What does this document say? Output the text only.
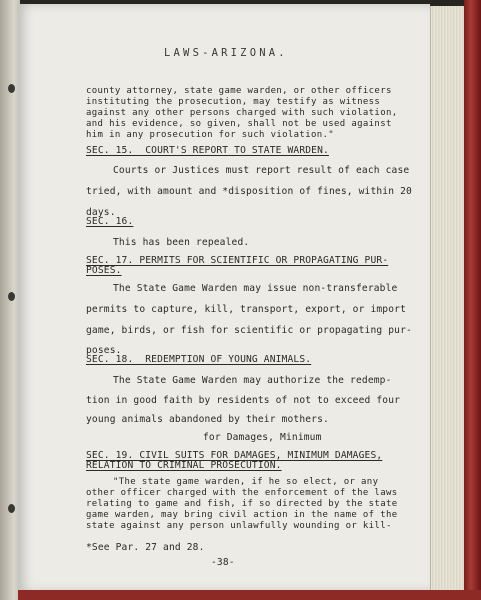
LAWS-ARIZONA.
county attorney, state game warden, or other officers
instituting the prosecution, may testify as witness
against any other persons charged with such violation,
and his evidence, so given, shall not be used against
him in any prosecution for such violation."
SEC. 15.  COURT'S REPORT TO STATE WARDEN.
Courts or Justices must report result of each case
tried, with amount and *disposition of fines, within 20
days.
SEC. 16.
This has been repealed.
SEC. 17. PERMITS FOR SCIENTIFIC OR PROPAGATING PUR-
POSES.
The State Game Warden may issue non-transferable
permits to capture, kill, transport, export, or import
game, birds, or fish for scientific or propagating pur-
poses.
SEC. 18.  REDEMPTION OF YOUNG ANIMALS.
The State Game Warden may authorize the redemp-
tion in good faith by residents of not to exceed four
young animals abandoned by their mothers.
for Damages, Minimum
SEC. 19. CIVIL SUITS FOR DAMAGES, MINIMUM DAMAGES,
RELATION TO CRIMINAL PROSECUTION.
"The state game warden, if he so elect, or any
other officer charged with the enforcement of the laws
relating to game and fish, if so directed by the state
game warden, may bring civil action in the name of the
state against any person unlawfully wounding or kill-
*See Par. 27 and 28.
-38-
